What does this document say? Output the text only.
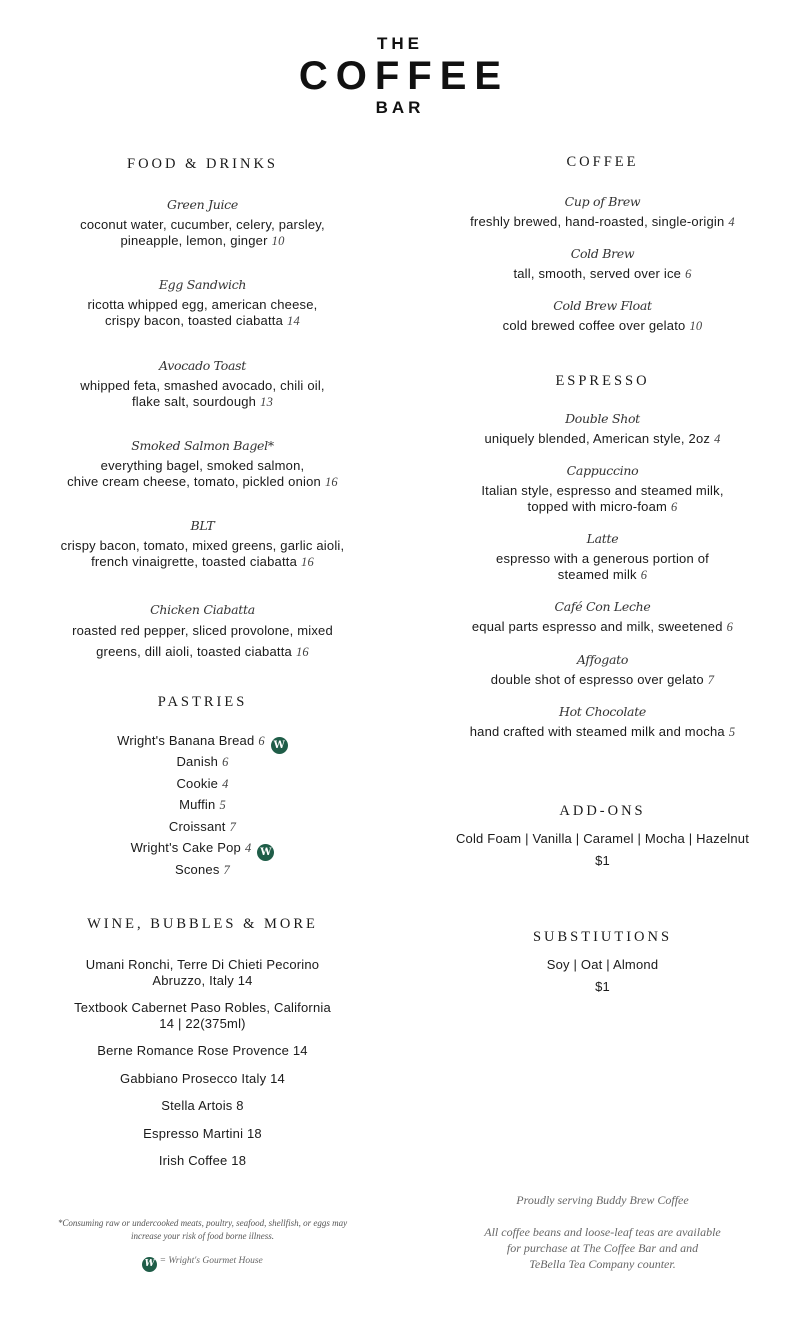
THE
COFFEE
BAR
FOOD & DRINKS
Green Juice
coconut water, cucumber, celery, parsley,
pineapple, lemon, ginger 10
Egg Sandwich
ricotta whipped egg, american cheese,
crispy bacon, toasted ciabatta 14
Avocado Toast
whipped feta, smashed avocado, chili oil,
flake salt, sourdough 13
Smoked Salmon Bagel*
everything bagel, smoked salmon,
chive cream cheese, tomato, pickled onion 16
BLT
crispy bacon, tomato, mixed greens, garlic aioli,
french vinaigrette, toasted ciabatta 16
Chicken Ciabatta
roasted red pepper, sliced provolone, mixed
greens, dill aioli, toasted ciabatta 16
PASTRIES
Wright's Banana Bread 6 W
Danish 6
Cookie 4
Muffin 5
Croissant 7
Wright's Cake Pop 4 W
Scones 7
WINE, BUBBLES & MORE
Umani Ronchi, Terre Di Chieti Pecorino
Abruzzo, Italy 14
Textbook Cabernet Paso Robles, California
14 | 22(375ml)
Berne Romance Rose Provence 14
Gabbiano Prosecco Italy 14
Stella Artois 8
Espresso Martini 18
Irish Coffee 18
*Consuming raw or undercooked meats, poultry, seafood, shellfish, or eggs may
increase your risk of food borne illness.
W = Wright's Gourmet House
COFFEE
Cup of Brew
freshly brewed, hand-roasted, single-origin 4
Cold Brew
tall, smooth, served over ice 6
Cold Brew Float
cold brewed coffee over gelato 10
ESPRESSO
Double Shot
uniquely blended, American style, 2oz 4
Cappuccino
Italian style, espresso and steamed milk,
topped with micro-foam 6
Latte
espresso with a generous portion of
steamed milk 6
Café Con Leche
equal parts espresso and milk, sweetened 6
Affogato
double shot of espresso over gelato 7
Hot Chocolate
hand crafted with steamed milk and mocha 5
ADD-ONS
Cold Foam | Vanilla | Caramel | Mocha | Hazelnut
$1
SUBSTIUTIONS
Soy | Oat | Almond
$1
Proudly serving Buddy Brew Coffee
All coffee beans and loose-leaf teas are available
for purchase at The Coffee Bar and and
TeBella Tea Company counter.
